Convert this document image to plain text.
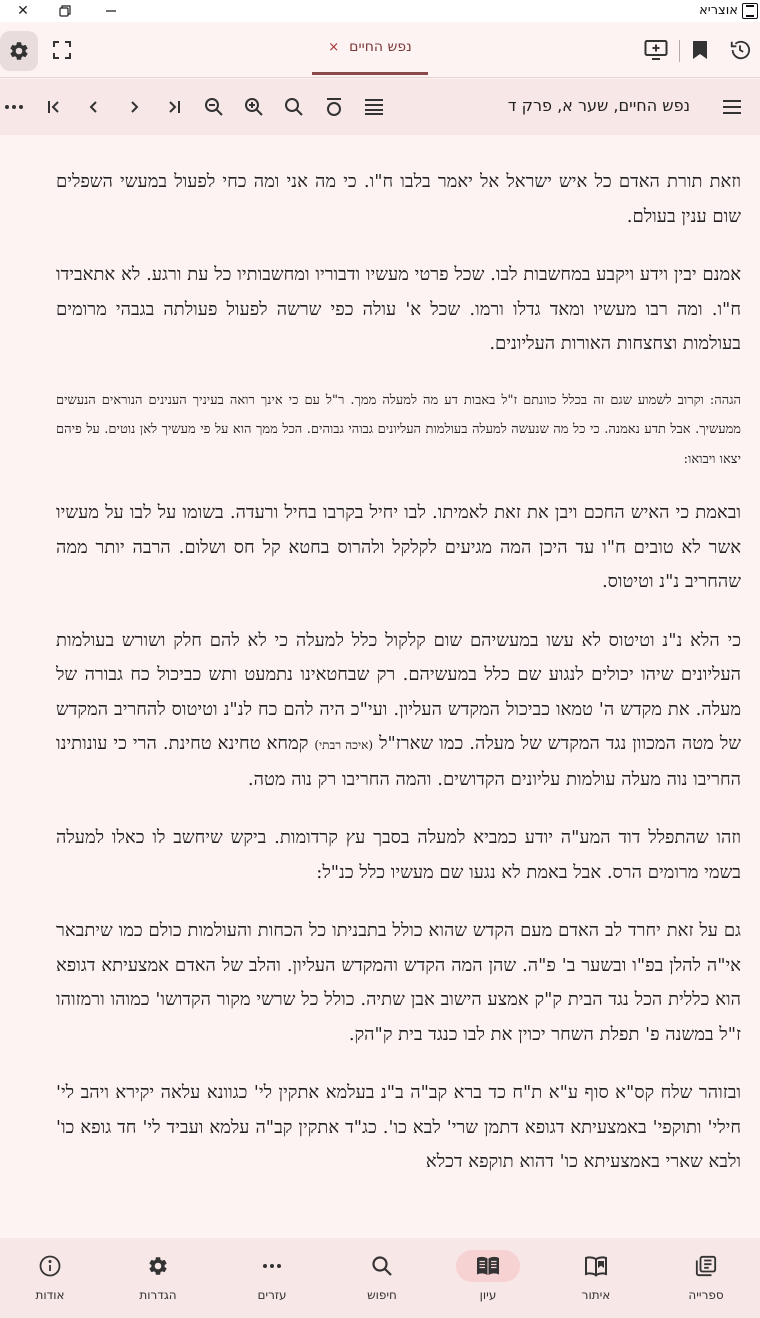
✕	אוצריא
× נפש החיים
נפש החיים, שער א, פרק ד

וזאת תורת האדם כל איש ישראל אל יאמר בלבו ח"ו. כי מה אני ומה כחי לפעול במעשי השפלים שום ענין בעולם.

אמנם יבין וידע ויקבע במחשבות לבו. שכל פרטי מעשיו ודבוריו ומחשבותיו כל עת ורגע. לא אתאבידו ח"ו. ומה רבו מעשיו ומאד גדלו ורמו. שכל א' עולה כפי שרשה לפעול פעולתה בגבהי מרומים בעולמות וצחצחות האורות העליונים.

הגהה: וקרוב לשמוע שגם זה בכלל כוונתם ז"ל באבות דע מה למעלה ממך. ר"ל עם כי אינך רואה בעיניך הענינים הנוראים הנעשים ממעשיך. אבל תדע נאמנה. כי כל מה שנעשה למעלה בעולמות העליונים גבוהי גבוהים. הכל ממך הוא על פי מעשיך לאן נוטים. על פיהם יצאו ויבואו:

ובאמת כי האיש החכם ויבן את זאת לאמיתו. לבו יחיל בקרבו בחיל ורעדה. בשומו על לבו על מעשיו אשר לא טובים ח"ו עד היכן המה מגיעים לקלקל ולהרוס בחטא קל חס ושלום. הרבה יותר ממה שהחריב נ"נ וטיטוס.

כי הלא נ"נ וטיטוס לא עשו במעשיהם שום קלקול כלל למעלה כי לא להם חלק ושורש בעולמות העליונים שיהו יכולים לנגוע שם כלל במעשיהם. רק שבחטאינו נתמעט ותש כביכול כח גבורה של מעלה. את מקדש ה' טמאו כביכול המקדש העליון. ועי"כ היה להם כח לנ"נ וטיטוס להחריב המקדש של מטה המכוון נגד המקדש של מעלה. כמו שארז"ל (איכה רבתי) קמחא טחינא טחינת. הרי כי עונותינו החריבו נוה מעלה עולמות עליונים הקדושים. והמה החריבו רק נוה מטה.

וזהו שהתפלל דוד המע"ה יודע כמביא למעלה בסבך עץ קרדומות. ביקש שיחשב לו כאלו למעלה בשמי מרומים הרס. אבל באמת לא נגעו שם מעשיו כלל כנ"ל:

גם על זאת יחרד לב האדם מעם הקדש שהוא כולל בתבניתו כל הכחות והעולמות כולם כמו שיתבאר אי"ה להלן בפ"ו ובשער ב' פ"ה. שהן המה הקדש והמקדש העליון. והלב של האדם אמצעיתא דגופא הוא כללית הכל נגד הבית ק"ק אמצע הישוב אבן שתיה. כולל כל שרשי מקור הקדושו' כמוהו ורמזוהו ז"ל במשנה פ' תפלת השחר יכוין את לבו כנגד בית ק"הק.

ובזוהר שלח קס"א סוף ע"א ת"ח כד ברא קב"ה ב"נ בעלמא אתקין לי' כגוונא עלאה יקירא ויהב לי' חילי' ותוקפי' באמצעיתא דגופא דתמן שרי' לבא כו'. כג"ד אתקין קב"ה עלמא ועביד לי' חד גופא כו' ולבא שארי באמצעיתא כו' דהוא תוקפא דכלא

ספרייה
איתור
עיון
חיפוש
עזרים
הגדרות
אודות
